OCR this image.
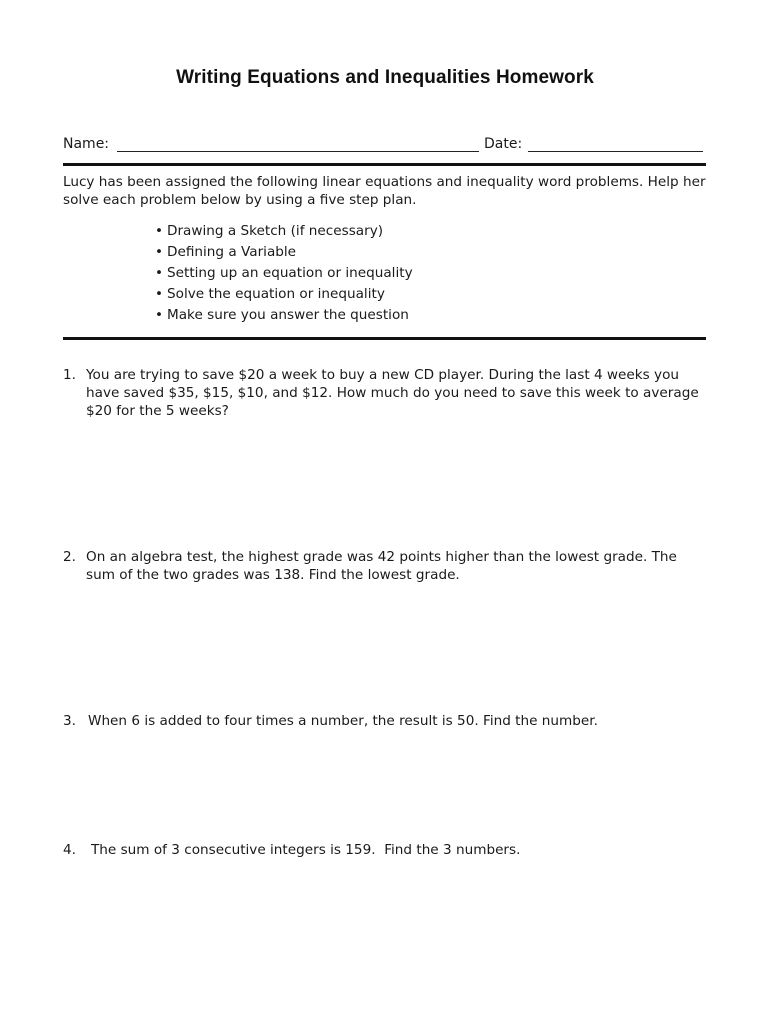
Writing Equations and Inequalities Homework
Name:	Date:
Lucy has been assigned the following linear equations and inequality word problems. Help her solve each problem below by using a five step plan.
• Drawing a Sketch (if necessary)
• Defining a Variable
• Setting up an equation or inequality
• Solve the equation or inequality
• Make sure you answer the question
1. You are trying to save $20 a week to buy a new CD player. During the last 4 weeks you have saved $35, $15, $10, and $12. How much do you need to save this week to average $20 for the 5 weeks?
2. On an algebra test, the highest grade was 42 points higher than the lowest grade. The sum of the two grades was 138. Find the lowest grade.
3. When 6 is added to four times a number, the result is 50. Find the number.
4.	The sum of 3 consecutive integers is 159.  Find the 3 numbers.
